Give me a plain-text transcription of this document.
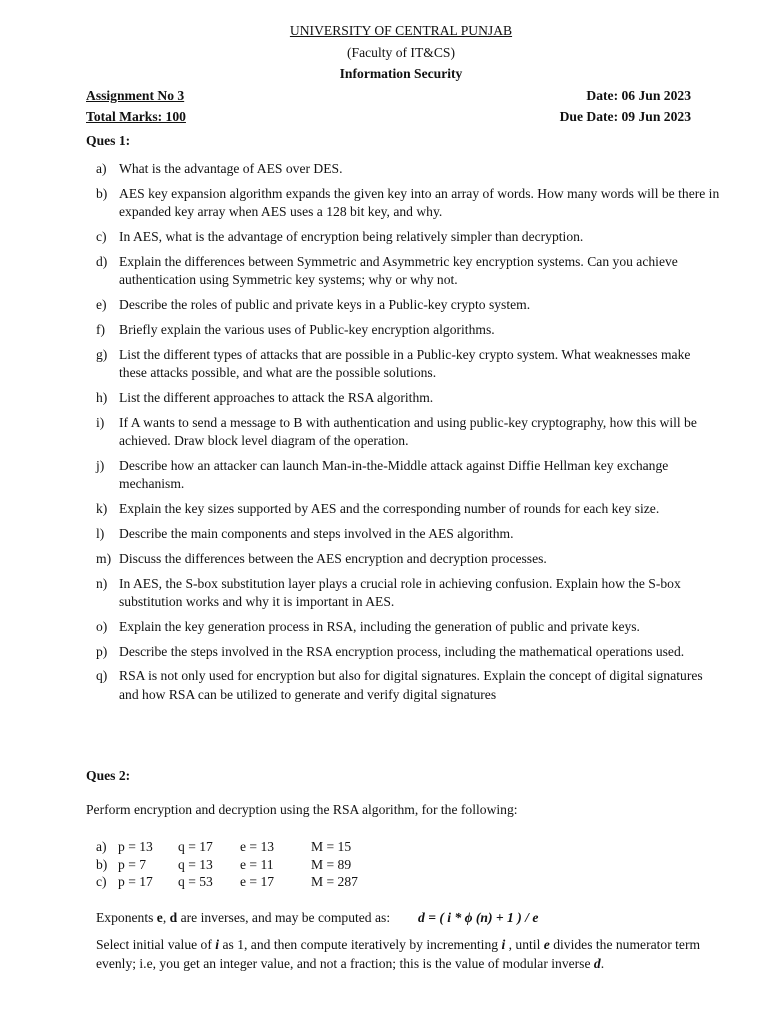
UNIVERSITY OF CENTRAL PUNJAB
(Faculty of IT&CS)
Information Security
Assignment No 3	Date: 06 Jun 2023
Total Marks: 100	Due Date: 09 Jun 2023
Ques 1:
a) What is the advantage of AES over DES.
b) AES key expansion algorithm expands the given key into an array of words. How many words will be there in expanded key array when AES uses a 128 bit key, and why.
c) In AES, what is the advantage of encryption being relatively simpler than decryption.
d) Explain the differences between Symmetric and Asymmetric key encryption systems. Can you achieve authentication using Symmetric key systems; why or why not.
e) Describe the roles of public and private keys in a Public-key crypto system.
f)	Briefly explain the various uses of Public-key encryption algorithms.
g) List the different types of attacks that are possible in a Public-key crypto system. What weaknesses make these attacks possible, and what are the possible solutions.
h) List the different approaches to attack the RSA algorithm.
i)	If A wants to send a message to B with authentication and using public-key cryptography, how this will be achieved. Draw block level diagram of the operation.
j)	Describe how an attacker can launch Man-in-the-Middle attack against Diffie Hellman key exchange mechanism.
k) Explain the key sizes supported by AES and the corresponding number of rounds for each key size.
l)	Describe the main components and steps involved in the AES algorithm.
m) Discuss the differences between the AES encryption and decryption processes.
n) In AES, the S-box substitution layer plays a crucial role in achieving confusion. Explain how the S-box substitution works and why it is important in AES.
o) Explain the key generation process in RSA, including the generation of public and private keys.
p) Describe the steps involved in the RSA encryption process, including the mathematical operations used.
q) RSA is not only used for encryption but also for digital signatures. Explain the concept of digital signatures and how RSA can be utilized to generate and verify digital signatures
Ques 2:
Perform encryption and decryption using the RSA algorithm, for the following:
a) p = 13 q = 17 e = 13	M = 15
b) p = 7 q = 13 e = 11	M = 89
c) p = 17 q = 53 e = 17	M = 287
Exponents e, d are inverses, and may be computed as: d = ( i * ϕ (n) + 1 ) / e
Select initial value of i as 1, and then compute iteratively by incrementing i , until e divides the numerator term evenly; i.e, you get an integer value, and not a fraction; this is the value of modular inverse d.
